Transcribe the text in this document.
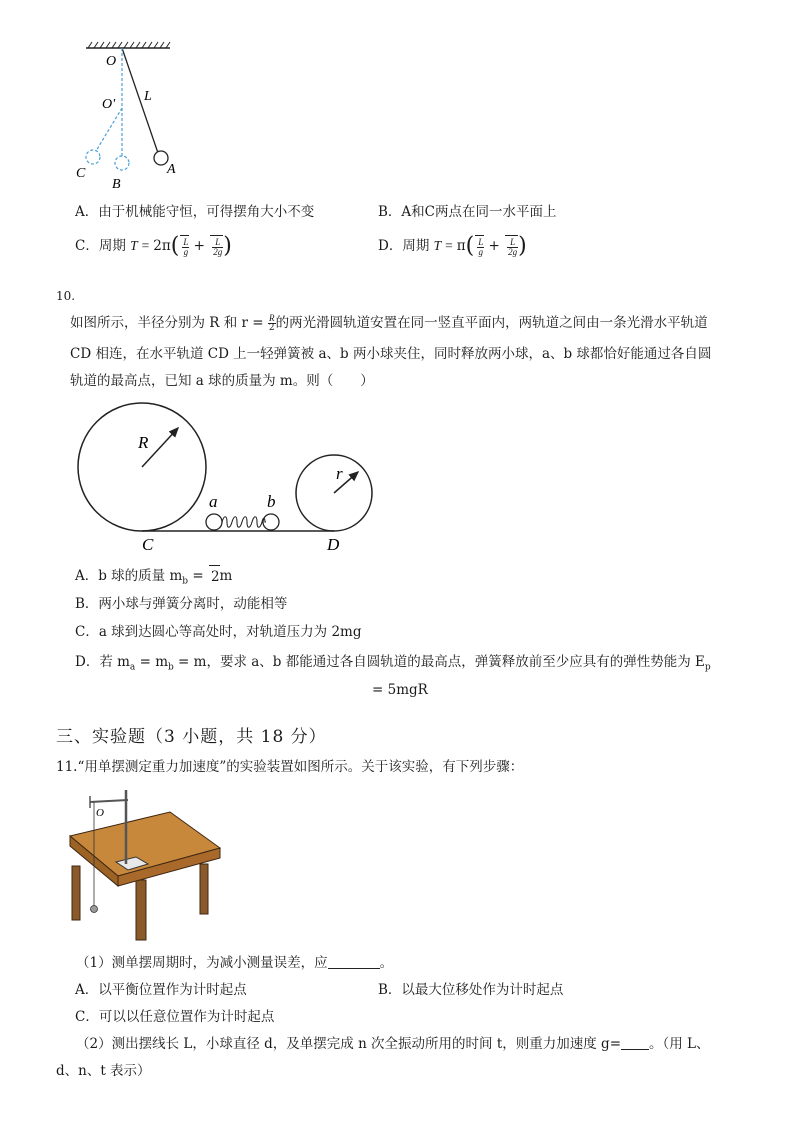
O
O'
L
A
B
C
A．由于机械能守恒，可得摆角大小不变	B．A和C两点在同一水平面上
C．周期 $T = 2\pi( \frac{L}{g} + \frac{L}{2g}$ )	D．周期 $T = \pi( \frac{L}{g} + \frac{L}{2g}$ )
10.
如图所示，半径分别为 R 和 $r = \frac{R}{2}$ 的两光滑圆轨道安置在同一竖直平面内，两轨道之间由一条光滑水平轨道
CD 相连，在水平轨道 CD 上一轻弹簧被 a、b 两小球夹住，同时释放两小球，a、b 球都恰好能通过各自圆
轨道的最高点，已知 a 球的质量为 m。则（　　）
R
r
a	b
C	D
A．b 球的质量 $m_b = 2m$
B．两小球与弹簧分离时，动能相等
C．a 球到达圆心等高处时，对轨道压力为 2mg
D．若 $m_a = m_b = m$，要求 a、b 都能通过各自圆轨道的最高点，弹簧释放前至少应具有的弹性势能为 $E_p$
= 5mgR
三、实验题（3 小题，共 18 分）
11.“用单摆测定重力加速度”的实验装置如图所示。关于该实验，有下列步骤：
O
（1）测单摆周期时，为减小测量误差，应	。
A．以平衡位置作为计时起点	B．以最大位移处作为计时起点
C．可以以任意位置作为计时起点
（2）测出摆线长 L，小球直径 d，及单摆完成 n 次全振动所用的时间 t，则重力加速度 g= 。（用 L、
d、n、t 表示）
